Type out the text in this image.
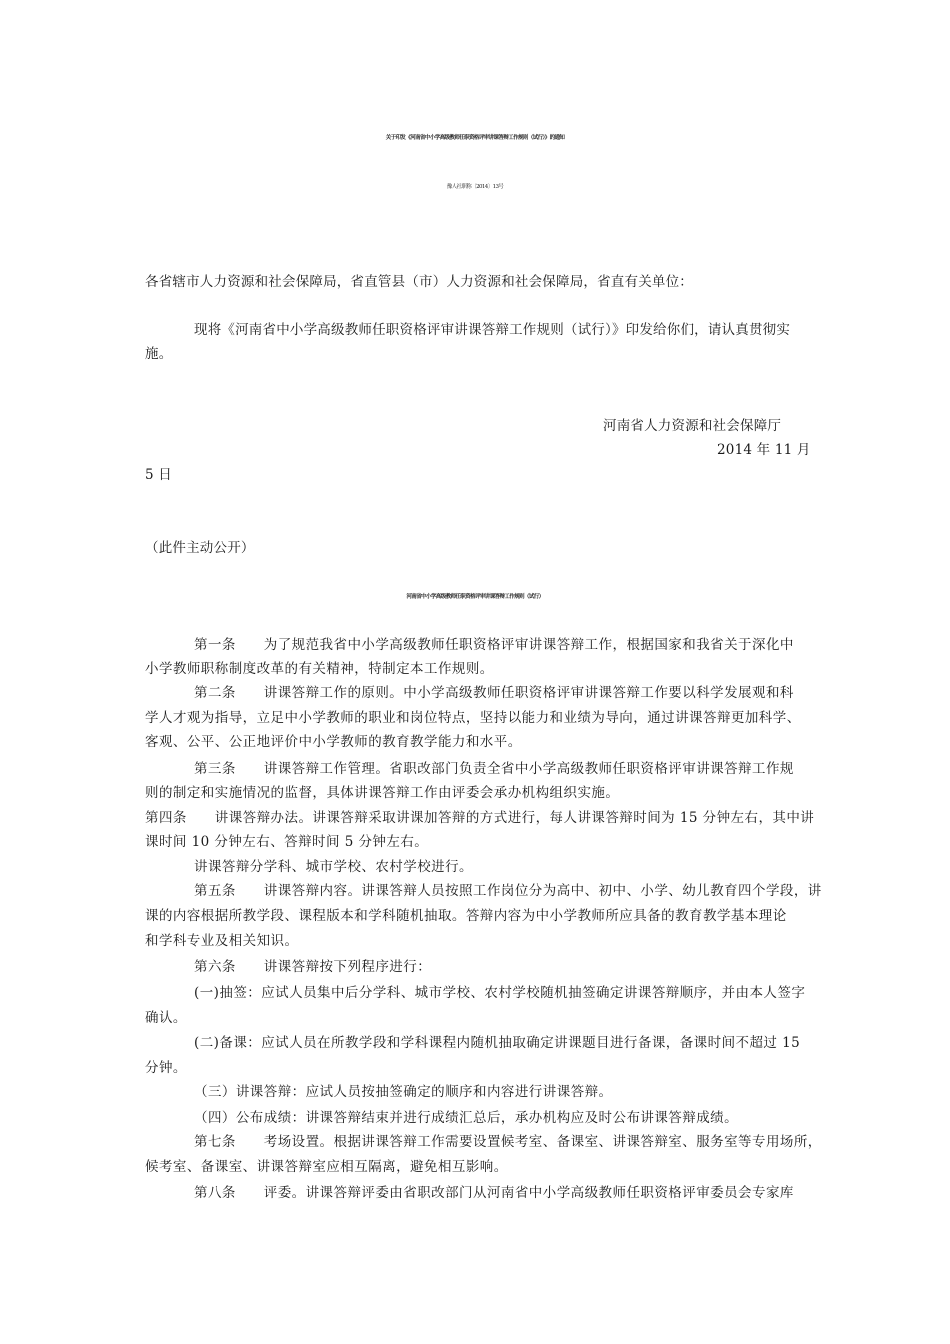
关于印发《河南省中小学高级教师任职资格评审讲课答辩工作规则（试行）》的通知
豫人社职称〔2014〕13号
各省辖市人力资源和社会保障局，省直管县（市）人力资源和社会保障局，省直有关单位：
现将《河南省中小学高级教师任职资格评审讲课答辩工作规则（试行）》印发给你们，请认真贯彻实
施。
河南省人力资源和社会保障厅
2014 年 11 月
5 日
（此件主动公开）
河南省中小学高级教师任职资格评审讲课答辩工作规则（试行）
第一条　　为了规范我省中小学高级教师任职资格评审讲课答辩工作，根据国家和我省关于深化中
小学教师职称制度改革的有关精神，特制定本工作规则。
第二条　　讲课答辩工作的原则。中小学高级教师任职资格评审讲课答辩工作要以科学发展观和科
学人才观为指导，立足中小学教师的职业和岗位特点，坚持以能力和业绩为导向，通过讲课答辩更加科学、
客观、公平、公正地评价中小学教师的教育教学能力和水平。
第三条　　讲课答辩工作管理。省职改部门负责全省中小学高级教师任职资格评审讲课答辩工作规
则的制定和实施情况的监督，具体讲课答辩工作由评委会承办机构组织实施。
第四条　　讲课答辩办法。讲课答辩采取讲课加答辩的方式进行，每人讲课答辩时间为 15 分钟左右，其中讲
课时间 10 分钟左右、答辩时间 5 分钟左右。
讲课答辩分学科、城市学校、农村学校进行。
第五条　　讲课答辩内容。讲课答辩人员按照工作岗位分为高中、初中、小学、幼儿教育四个学段，讲
课的内容根据所教学段、课程版本和学科随机抽取。答辩内容为中小学教师所应具备的教育教学基本理论
和学科专业及相关知识。
第六条　　讲课答辩按下列程序进行：
(一)抽签：应试人员集中后分学科、城市学校、农村学校随机抽签确定讲课答辩顺序，并由本人签字
确认。
(二)备课：应试人员在所教学段和学科课程内随机抽取确定讲课题目进行备课，备课时间不超过 15
分钟。
（三）讲课答辩：应试人员按抽签确定的顺序和内容进行讲课答辩。
（四）公布成绩：讲课答辩结束并进行成绩汇总后，承办机构应及时公布讲课答辩成绩。
第七条　　考场设置。根据讲课答辩工作需要设置候考室、备课室、讲课答辩室、服务室等专用场所，
候考室、备课室、讲课答辩室应相互隔离，避免相互影响。
第八条　　评委。讲课答辩评委由省职改部门从河南省中小学高级教师任职资格评审委员会专家库
